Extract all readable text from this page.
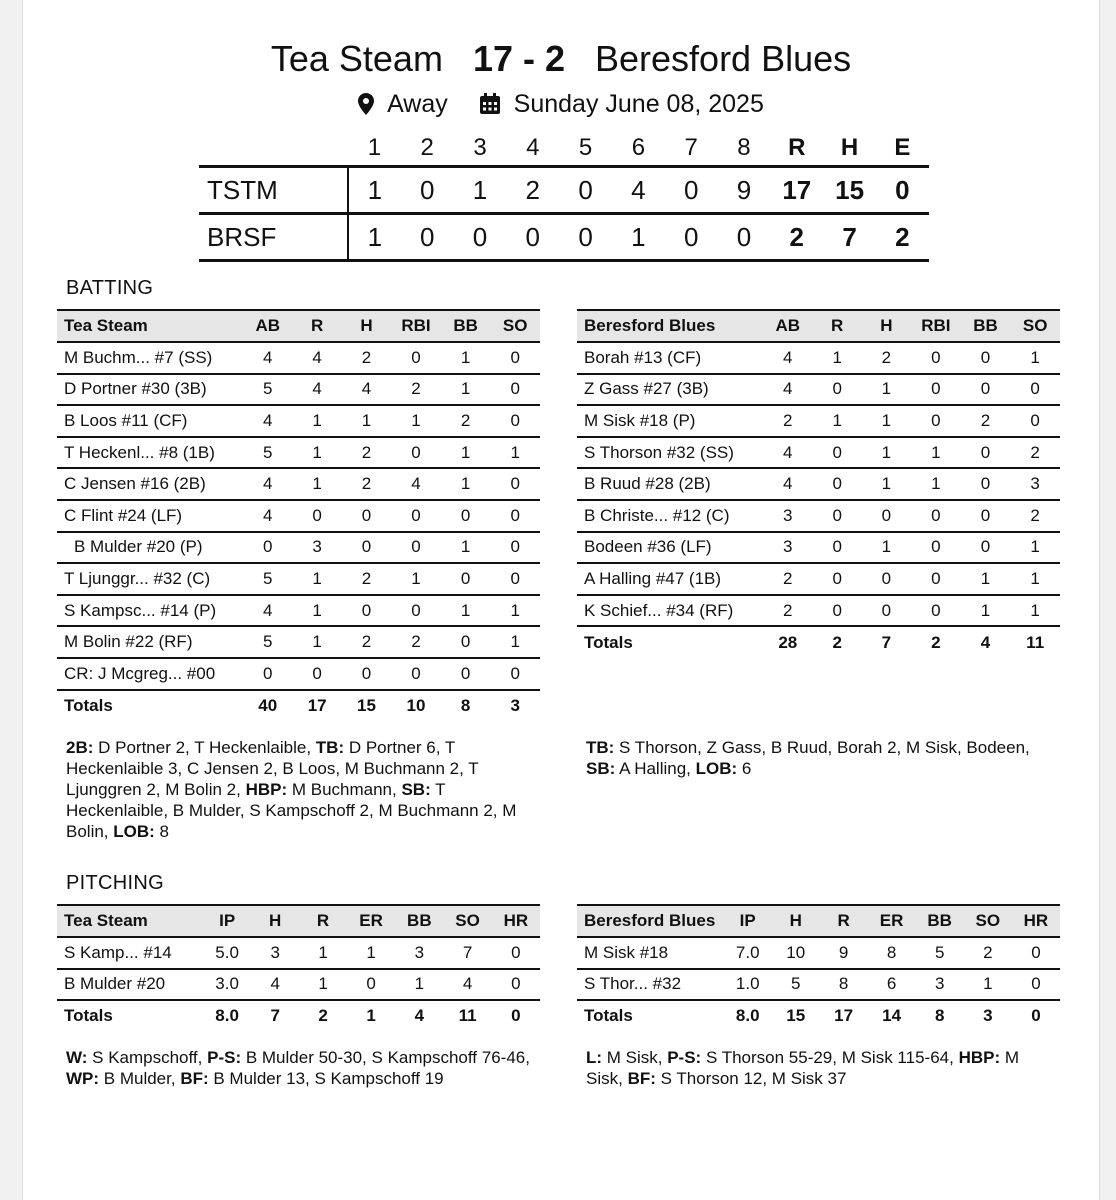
Tea Steam 17 - 2 Beresford Blues
Away	Sunday June 08, 2025
	1	2	3	4	5	6	7	8	R	H	E
TSTM	1	0	1	2	0	4	0	9	17	15	0
BRSF	1	0	0	0	0	1	0	0	2	7	2
BATTING
Tea Steam	AB	R	H	RBI	BB	SO
M Buchm... #7 (SS)	4	4	2	0	1	0
D Portner #30 (3B)	5	4	4	2	1	0
B Loos #11 (CF)	4	1	1	1	2	0
T Heckenl... #8 (1B)	5	1	2	0	1	1
C Jensen #16 (2B)	4	1	2	4	1	0
C Flint #24 (LF)	4	0	0	0	0	0
B Mulder #20 (P)	0	3	0	0	1	0
T Ljunggr... #32 (C)	5	1	2	1	0	0
S Kampsc... #14 (P)	4	1	0	0	1	1
M Bolin #22 (RF)	5	1	2	2	0	1
CR: J Mcgreg... #00	0	0	0	0	0	0
Totals	40	17	15	10	8	3
Beresford Blues	AB	R	H	RBI	BB	SO
Borah #13 (CF)	4	1	2	0	0	1
Z Gass #27 (3B)	4	0	1	0	0	0
M Sisk #18 (P)	2	1	1	0	2	0
S Thorson #32 (SS)	4	0	1	1	0	2
B Ruud #28 (2B)	4	0	1	1	0	3
B Christe... #12 (C)	3	0	0	0	0	2
Bodeen #36 (LF)	3	0	1	0	0	1
A Halling #47 (1B)	2	0	0	0	1	1
K Schief... #34 (RF)	2	0	0	0	1	1
Totals	28	2	7	2	4	11
2B: D Portner 2, T Heckenlaible, TB: D Portner 6, T Heckenlaible 3, C Jensen 2, B Loos, M Buchmann 2, T Ljunggren 2, M Bolin 2, HBP: M Buchmann, SB: T Heckenlaible, B Mulder, S Kampschoff 2, M Buchmann 2, M Bolin, LOB: 8
TB: S Thorson, Z Gass, B Ruud, Borah 2, M Sisk, Bodeen, SB: A Halling, LOB: 6
PITCHING
Tea Steam	IP	H	R	ER	BB	SO	HR
S Kamp... #14	5.0	3	1	1	3	7	0
B Mulder #20	3.0	4	1	0	1	4	0
Totals	8.0	7	2	1	4	11	0
Beresford Blues	IP	H	R	ER	BB	SO	HR
M Sisk #18	7.0	10	9	8	5	2	0
S Thor... #32	1.0	5	8	6	3	1	0
Totals	8.0	15	17	14	8	3	0
W: S Kampschoff, P-S: B Mulder 50-30, S Kampschoff 76-46, WP: B Mulder, BF: B Mulder 13, S Kampschoff 19
L: M Sisk, P-S: S Thorson 55-29, M Sisk 115-64, HBP: M Sisk, BF: S Thorson 12, M Sisk 37
